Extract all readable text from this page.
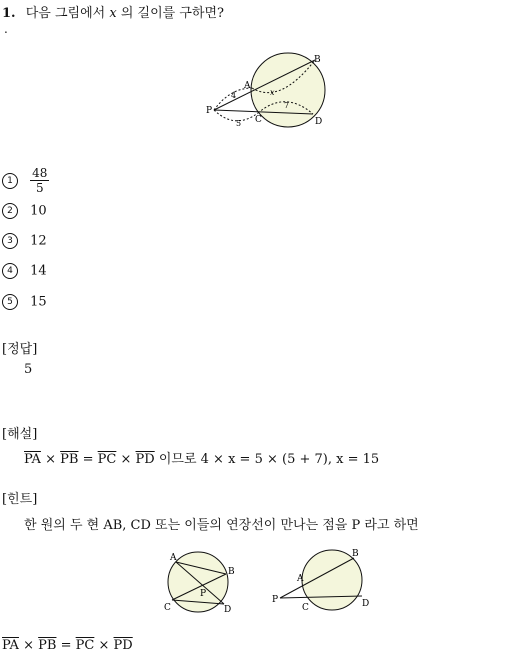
1. 다음 그림에서 x 의 길이를 구하면?
.
B
A
P
C	D
4	x
5
7
$1 \frac{48}{5}$
2 10
3 12
4 14
5 15
[정답]
5
[해설]
$\overline{PA} \times \overline{PB} = \overline{PC} \times \overline{PD}$ 이므로 4 × x = 5 × (5 + 7), x = 15
[힌트]
한 원의 두 현 AB, CD 또는 이들의 연장선이 만나는 점을 P 라고 하면
A
B
C	D
P
A
B
C	D
P
$\overline{PA} \times \overline{PB} = \overline{PC} \times \overline{PD}$
